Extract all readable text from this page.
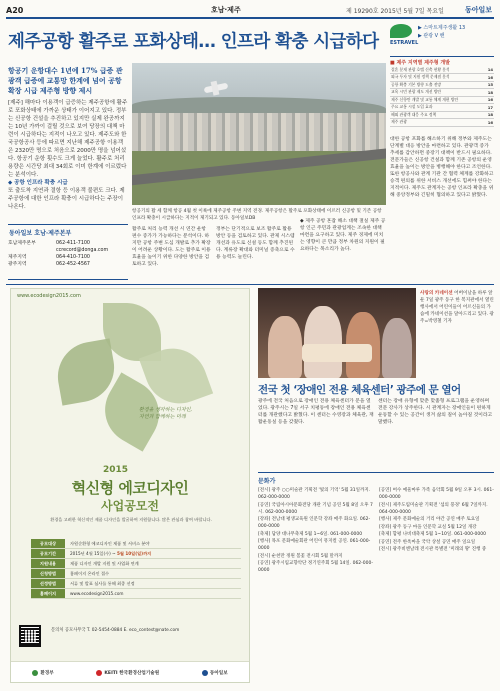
A20	호남·제주	제 19290호 2015년 5월 7일 목요일	동아일보
제주공항 활주로 포화상태… 인프라 확충 시급하다 ESTRAVEL
▶ 스마트제주생활 13
▶ 관광 V 밴
■ 제주 지역별 제주형 개발
결혼 분재 관광 호텔 신축 현황 분석	14
외국 투자 및 지원 정책 문제점 분석	16
공항 확충 기본 방향 도출 전망	15
교육 시민 관광 제도 개선 방안	18
제주 신항만 개발 및 교통 체계 개편 방안	16
주요 교통 시설 도입 효과	17
해외 관광객 대응 주요 정책	18
제주 관광	16
항공기 운항대수 1년에 17% 급증 관광객 급증에 교통망 한계에 넘어 공항 확장 시급 제주형 방향 제시

[제주] 해마다 이용객이 급증하는 제주공항에 활주로 포화상태에 가까운 상태가 이어지고 있다. 정부는 신공항 건설을 추진하고 있지만 실제 완공까지는 10년 가까이 걸릴 것으로 보여 당장의 대책 마련이 시급하다는 지적이 나오고 있다. 제주도와 한국공항공사 등에 따르면 지난해 제주공항 이용객은 2320만 명으로 처음으로 2000만 명을 넘어섰다. 항공기 운항 횟수도 크게 늘었다. 활주로 처리 용량은 시간당 최대 34회로 이미 한계에 이르렀다는 분석이다.

◆ 공항 인프라 확충 시급

또 출도착 지연과 결항 등 이용객 불편도 크다. 제주공항에 대한 인프라 확충이 시급하다는 주장이 나온다.

항공기의 활 세 함께 항공 4월 첫 이륙에 제주공항 주변 지역 전경. 제주공항은 활주로 포화상태에 이르러 신공항 및 기존 공항 인프라 확충이 시급하다는 지적이 제기되고 있다. 동아일보DB
활주로 처리 능력 개선 시 연간 운항 편수 증가가 가능하다는 분석이다. 하지만 공항 주변 도심 개발로 추가 확장이 어려운 상황이다. 도는 활주로 이용 효율을 높이기 위한 다양한 방안을 검토하고 있다.
정부는 단기적으로 보조 활주로 활용 방안 등을 검토하고 있다. 관제 시스템 개선과 유도로 신설 등도 함께 추진된다. 계류장 확대와 터미널 증축으로 수용 능력도 늘린다.
◆ 제주 공항 혼잡 해소 대책 절실 제주 공항 인근 주민과 관광업계는 조속한 대책 마련을 요구하고 있다. 제주 경제에 미치는 영향이 큰 만큼 정부 차원의 지원이 필요하다는 목소리가 높다.
대한 공항 포화를 해소하기 위해 정부와 제주도는 단계별 대응 방안을 마련하고 있다. 관광객 증가 추세를 감안하면 중장기 대책이 반드시 필요하다. 전문가들은 신공항 건설과 함께 기존 공항의 운영 효율을 높이는 방안을 병행해야 한다고 조언한다. 또한 항공사와 관계 기관 간 협력 체계를 강화하고 승객 편의를 위한 서비스 개선에도 힘써야 한다는 지적이다. 제주도 관계자는 공항 인프라 확충을 위해 중앙정부와 긴밀히 협의하고 있다고 밝혔다.
동아일보 호남·제주본부
호남제주본부	062-411-7100
ccrecord@donga.com
제주지역	064-410-7100
광주지역	062-452-4567
www.ecodesign2015.com
환경을 생각하는 디자인,
자연과 함께하는 미래
2015
혁신형 에코디자인
사업공모전
환경을 고려한 혁신적인 제품 디자인을 발굴하여 지원합니다. 많은 관심과 참여 바랍니다.
공모대상	자원순환형 에코디자인 제품 및 서비스 분야
공모기간	2015년 4월 15일(수) ~ 5월 10일(일)까지
지원내용	제품 디자인 개발 지원 및 사업화 연계
신청방법	홈페이지 온라인 접수
선정방법	서류 및 발표 심사를 통해 최종 선정
홈페이지	www.ecodesign2015.com
문의처 공모사무국 T. 02-5454-0884 E. eco_contest@nate.com
환경부	KEITI 한국환경산업기술원	동아일보
사랑의 카네이션 어버이날을 하루 앞둔 7일 광주 동구 한 복지관에서 열린 행사에서 어린이들이 어르신들의 가슴에 카네이션을 달아드리고 있다. 광주=박영철 기자
전국 첫 ‘장애인 전용 체육센터’ 광주에 문 열어
광주에 전국 처음으로 장애인 전용 체육센터가 문을 열었다. 광주시는 7일 서구 치평동에 장애인 전용 체육센터를 개관했다고 밝혔다. 이 센터는 수영장과 체육관, 재활운동실 등을 갖췄다.
센터는 장애 유형에 맞춘 맞춤형 프로그램을 운영하며 전문 강사가 상주한다. 시 관계자는 장애인들이 편하게 운동할 수 있는 공간이 생겨 삶의 질이 높아질 것이라고 말했다.
문화가

[전시] 광주 ○○미술관 기획전 '빛의 기억' 5월 31일까지. 062-000-0000

[공연] 국립아시아문화전당 개관 기념 공연 5월 8일 오후 7시. 062-000-0000

[강좌] 전남대 평생교육원 인문학 강좌 매주 화요일. 062-000-0000

[축제] 담양 대나무축제 5월 1~6일. 061-000-0000

[행사] 목포 문화예술회관 어린이 뮤지컬 공연. 061-000-0000

[전시] 순천만 정원 봄꽃 전시회 5월 말까지

[공연] 광주시립교향악단 정기연주회 5월 14일. 062-000-0000

[공연] 여수 예울마루 가족 음악회 5월 9일 오후 3시. 061-000-0000

[전시] 제주도립미술관 기획전 '섬의 풍경' 6월 7일까지. 064-000-0000

[행사] 제주 문화예술의 거리 야간 공연 매주 토요일

[강좌] 광주 동구 마을 인문학 교실 5월 12일 개강

[축제] 함평 나비대축제 5월 1~10일. 061-000-0000

[공연] 전주 한옥마을 국악 상설 공연 매주 일요일

[전시] 광주비엔날레 전시관 특별전 '미래의 땅' 진행 중
